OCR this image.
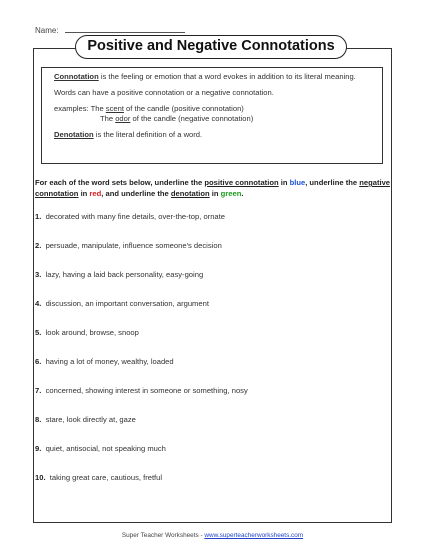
Name:
Positive and Negative Connotations

Connotation is the feeling or emotion that a word evokes in addition to its literal meaning.

Words can have a positive connotation or a negative connotation.

examples: The scent of the candle (positive connotation)

The odor of the candle (negative connotation)

Denotation is the literal definition of a word.

For each of the word sets below, underline the positive connotation in blue, underline the negative connotation in red, and underline the denotation in green.
1. decorated with many fine details, over-the-top, ornate
2. persuade, manipulate, influence someone's decision
3. lazy, having a laid back personality, easy-going
4. discussion, an important conversation, argument
5. look around, browse, snoop
6. having a lot of money, wealthy, loaded
7. concerned, showing interest in someone or something, nosy
8. stare, look directly at, gaze
9. quiet, antisocial, not speaking much
10. taking great care, cautious, fretful
Super Teacher Worksheets - www.superteacherworksheets.com
